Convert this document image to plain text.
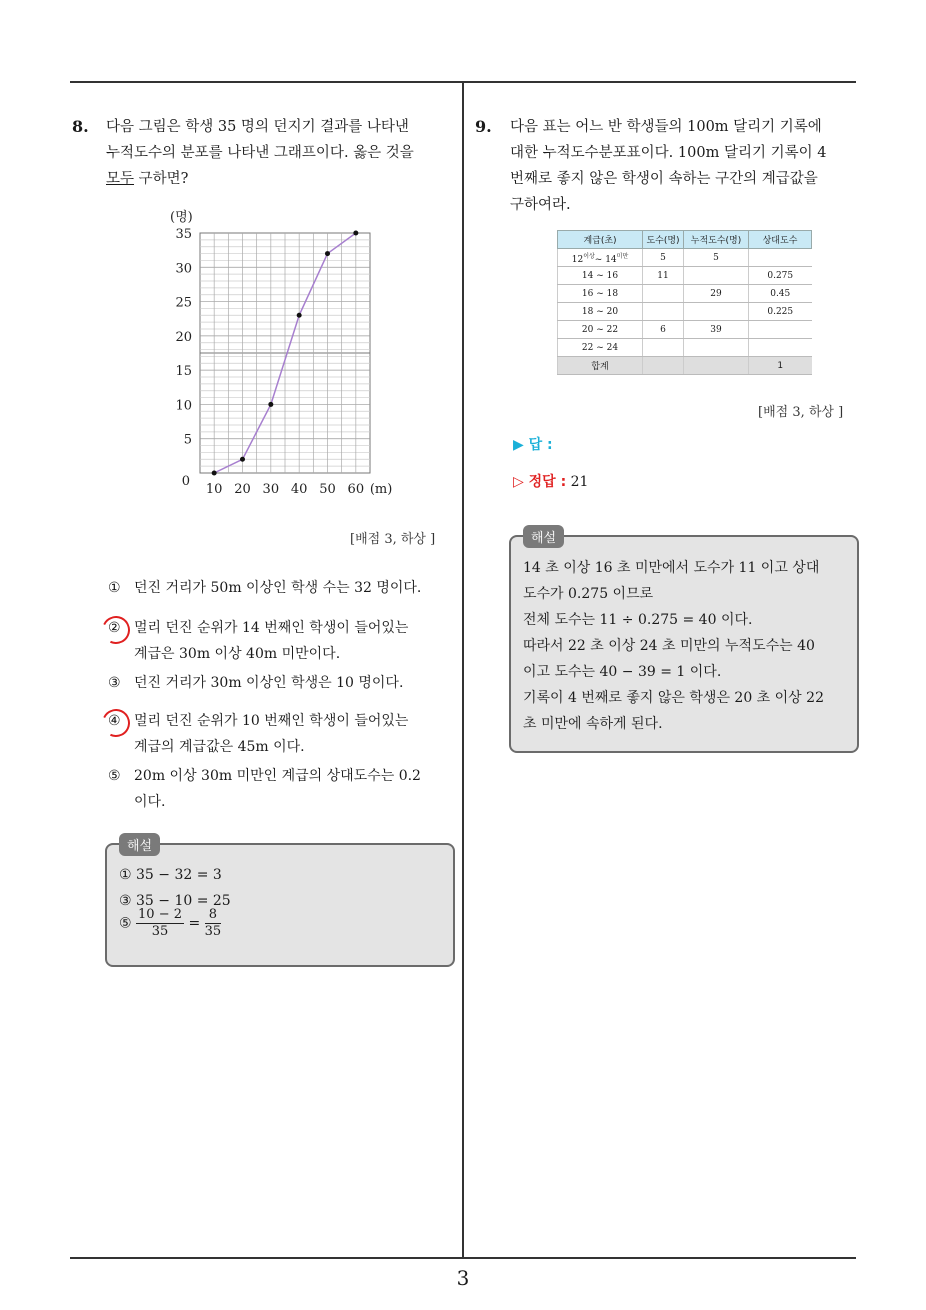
3
8. 다음 그림은 학생 35 명의 던지기 결과를 나타낸
누적도수의 분포를 나타낸 그래프이다. 옳은 것을
모두 구하면?
(명)
0
5
10
15
20
25
30
35
10 20 30 40 50 60 (m)
[배점 3, 하상 ]
① 던진 거리가 50m 이상인 학생 수는 32 명이다.
② 멀리 던진 순위가 14 번째인 학생이 들어있는
계급은 30m 이상 40m 미만이다.
③ 던진 거리가 30m 이상인 학생은 10 명이다.
④ 멀리 던진 순위가 10 번째인 학생이 들어있는
계급의 계급값은 45m 이다.
⑤ 20m 이상 30m 미만인 계급의 상대도수는 0.2
이다.
해설
① 35 − 32 = 3
③ 35 − 10 = 25
⑤ $\frac{10 - 2}{35} = \frac{8}{35}$
9. 다음 표는 어느 반 학생들의 100m 달리기 기록에
대한 누적도수분포표이다. 100m 달리기 기록이 4
번째로 좋지 않은 학생이 속하는 구간의 계급값을
구하여라.
계급(초)	도수(명)	누적도수(명)	상대도수
$12^{이상}\sim$ $14^{미만}$	5	5	
14 ~ 16	11		0.275
16 ~ 18		29	0.45
18 ~ 20			0.225
20 ~ 22	6	39	
22 ~ 24			
합계			1
[배점 3, 하상 ]
▶ 답 :
▷ 정답 : 21
해설
14 초 이상 16 초 미만에서 도수가 11 이고 상대
도수가 0.275 이므로
전체 도수는 11 ÷ 0.275 = 40 이다.
따라서 22 초 이상 24 초 미만의 누적도수는 40
이고 도수는 40 − 39 = 1 이다.
기록이 4 번째로 좋지 않은 학생은 20 초 이상 22
초 미만에 속하게 된다.
